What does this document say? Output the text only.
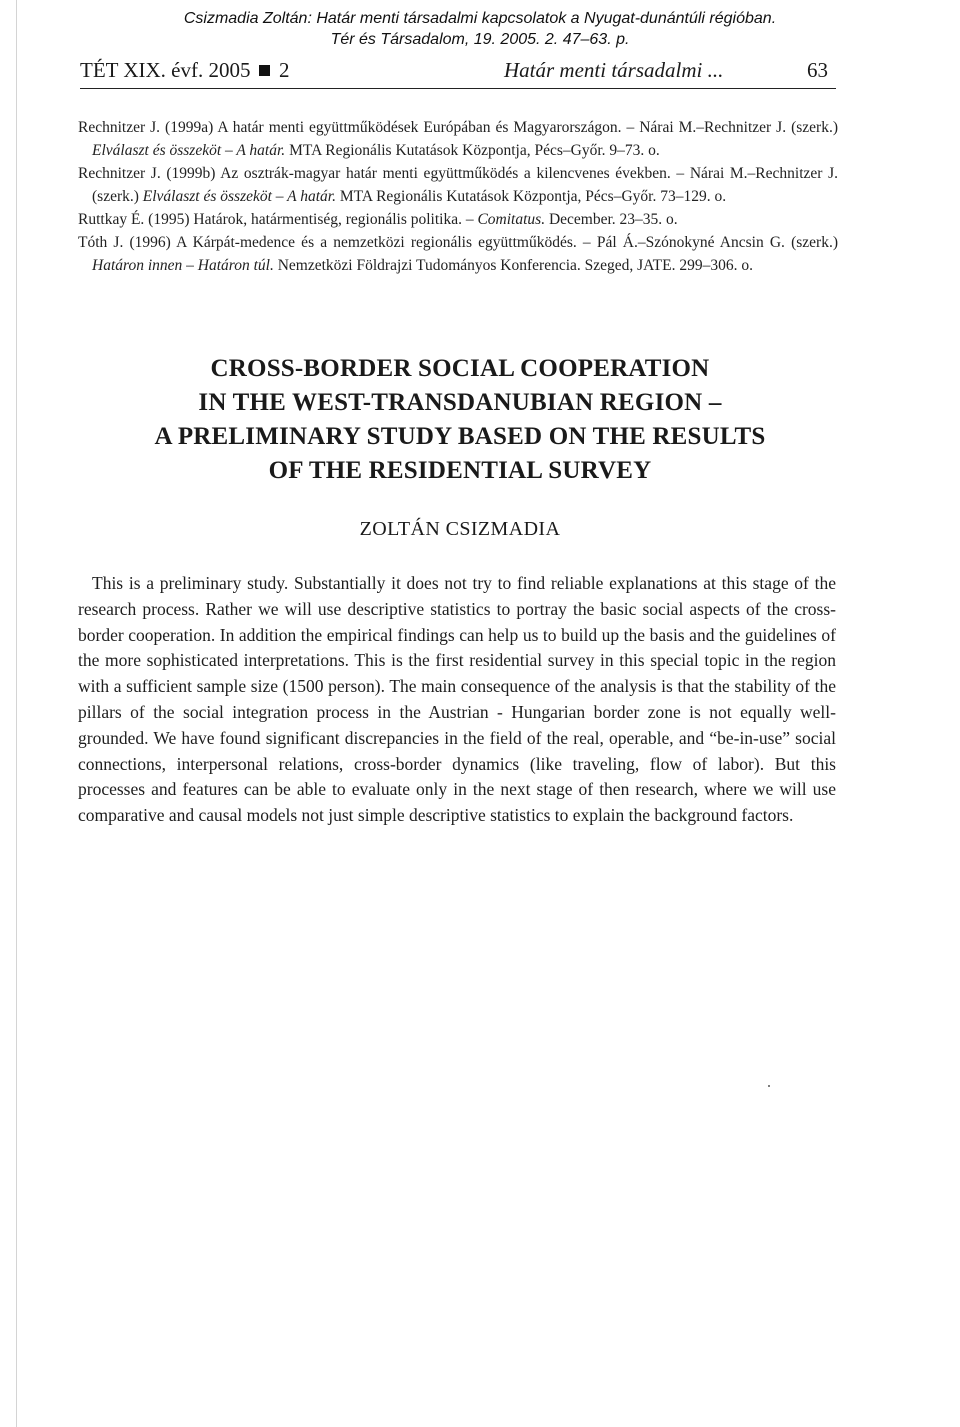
Csizmadia Zoltán: Határ menti társadalmi kapcsolatok a Nyugat-dunántúli régióban.
Tér és Társadalom, 19. 2005. 2. 47–63. p.
TÉT XIX. évf. 2005 2	Határ menti társadalmi ...	63
Rechnitzer J. (1999a) A határ menti együttműködések Európában és Magyarországon. – Nárai M.–Rechnitzer J. (szerk.) Elválaszt és összeköt – A határ. MTA Regionális Kutatások Központja, Pécs–Győr. 9–73. o.
Rechnitzer J. (1999b) Az osztrák-magyar határ menti együttműködés a kilencvenes években. – Nárai M.–Rechnitzer J. (szerk.) Elválaszt és összeköt – A határ. MTA Regionális Kutatások Központja, Pécs–Győr. 73–129. o.
Ruttkay É. (1995) Határok, határmentiség, regionális politika. – Comitatus. December. 23–35. o.
Tóth J. (1996) A Kárpát-medence és a nemzetközi regionális együttműködés. – Pál Á.–Szónokyné Ancsin G. (szerk.) Határon innen – Határon túl. Nemzetközi Földrajzi Tudományos Konferencia. Szeged, JATE. 299–306. o.
CROSS-BORDER SOCIAL COOPERATION
IN THE WEST-TRANSDANUBIAN REGION –
A PRELIMINARY STUDY BASED ON THE RESULTS
OF THE RESIDENTIAL SURVEY
ZOLTÁN CSIZMADIA
This is a preliminary study. Substantially it does not try to find reliable explanations at this stage of the research process. Rather we will use descriptive statistics to portray the basic social aspects of the cross-border cooperation. In addition the empirical findings can help us to build up the basis and the guidelines of the more sophisticated interpretations. This is the first residential survey in this special topic in the region with a sufficient sample size (1500 person). The main consequence of the analysis is that the stability of the pillars of the social integration process in the Austrian - Hungarian border zone is not equally well-grounded. We have found significant discrepancies in the field of the real, operable, and “be-in-use” social connections, interpersonal relations, cross-border dynamics (like traveling, flow of labor). But this processes and features can be able to evaluate only in the next stage of then research, where we will use comparative and causal models not just simple descriptive statistics to explain the background factors.
